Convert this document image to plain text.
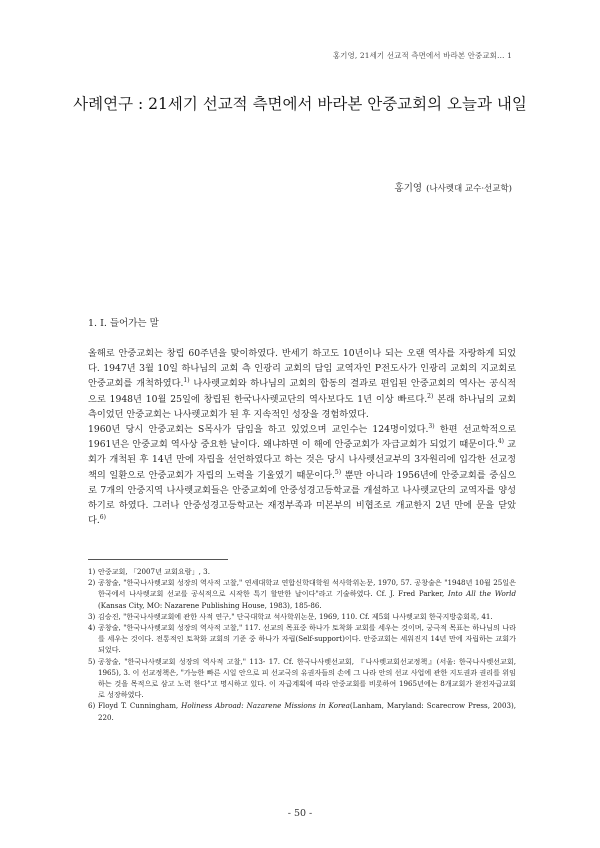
홍기영, 21세기 선교적 측면에서 바라본 안중교회… 1
사례연구 : 21세기 선교적 측면에서 바라본 안중교회의 오늘과 내일
홍기영 (나사렛대 교수·선교학)
1. I. 들어가는 말

올해로 안중교회는 창립 60주년을 맞이하였다. 반세기 하고도 10년이나 되는 오랜 역사를 자랑하게 되었다. 1947년 3월 10일 하나님의 교회 측 인광리 교회의 담임 교역자인 P전도사가 인광리 교회의 지교회로 안중교회를 개척하였다.$^{1)}$ 나사렛교회와 하나님의 교회의 합동의 결과로 편입된 안중교회의 역사는 공식적으로 1948년 10월 25일에 창립된 한국나사렛교단의 역사보다도 1년 이상 빠르다.$^{2)}$ 본래 하나님의 교회 측이었던 안중교회는 나사렛교회가 된 후 지속적인 성장을 경험하였다.

1960년 당시 안중교회는 S목사가 담임을 하고 있었으며 교인수는 124명이었다.$^{3)}$ 한편 선교학적으로 1961년은 안중교회 역사상 중요한 날이다. 왜냐하면 이 해에 안중교회가 자급교회가 되었기 때문이다.$^{4)}$ 교회가 개척된 후 14년 만에 자립을 선언하였다고 하는 것은 당시 나사렛선교부의 3자원리에 입각한 선교정책의 일환으로 안중교회가 자립의 노력을 기울였기 때문이다.$^{5)}$ 뿐만 아니라 1956년에 안중교회를 중심으로 7개의 안중지역 나사렛교회들은 안중교회에 안중성경고등학교를 개설하고 나사렛교단의 교역자를 양성하기로 하였다. 그러나 안중성경고등학교는 재정부족과 미본부의 비협조로 개교한지 2년 만에 문을 닫았다.$^{6)}$

1) 안중교회, 「2007년 교회요람」, 3.
2) 공창술, "한국나사렛교회 성장의 역사적 고찰," 연세대학교 연합신학대학원 석사학위논문, 1970, 57. 공창술은 "1948년 10월 25일은 한국에서 나사렛교회 선교를 공식적으로 시작한 특기 할만한 날이다"라고 기술하였다. Cf. J. Fred Parker, Into All the World (Kansas City, MO: Nazarene Publishing House, 1983), 185-86.
3) 김승진, "한국나사렛교회에 관한 사적 연구," 단국대학교 석사학위논문, 1969, 110. Cf. 제5회 나사렛교회 한국지방총회록, 41.
4) 공창술, "한국나사렛교회 성장의 역사적 고찰," 117. 선교의 목표중 하나가 토착화 교회를 세우는 것이며, 궁극적 목표는 하나님의 나라를 세우는 것이다. 전통적인 토착화 교회의 기준 중 하나가 자립(Self-support)이다. 안중교회는 세워진지 14년 만에 자립하는 교회가 되었다.
5) 공창술, "한국나사렛교회 성장의 역사적 고찰," 113- 17. Cf. 한국나사렛선교회, 『나사렛교회선교정책』(서울: 한국나사렛선교회, 1965), 3. 이 선교정책은, "가능한 빠른 시일 안으로 피 선교국의 유권자들의 손에 그 나라 안의 선교 사업에 관한 지도권과 권리를 위임하는 것을 목적으로 삼고 노력 한다"고 명시하고 있다. 이 자급계획에 따라 안중교회를 비롯하여 1965년에는 8개교회가 완전자급교회로 성장하였다.
6) Floyd T. Cunningham, Holiness Abroad: Nazarene Missions in Korea(Lanham, Maryland: Scarecrow Press, 2003), 220.
- 50 -
